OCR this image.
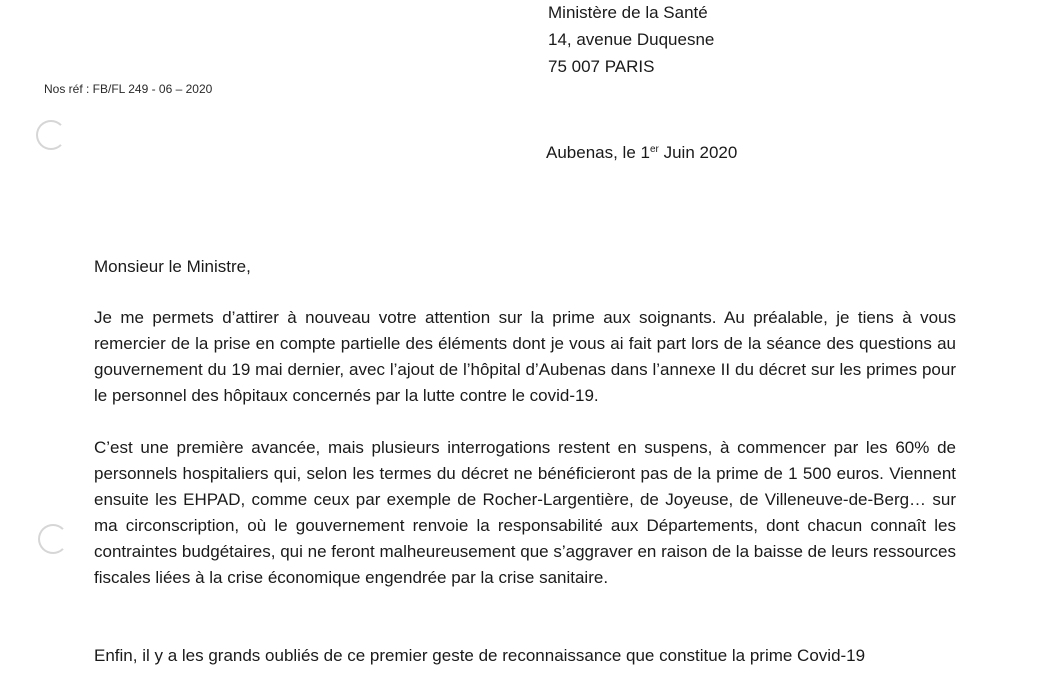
Ministère de la Santé
14, avenue Duquesne
75 007 PARIS
Nos réf : FB/FL 249 - 06 – 2020
Aubenas, le 1er Juin 2020
Monsieur le Ministre,

Je me permets d’attirer à nouveau votre attention sur la prime aux soignants. Au préalable, je tiens à vous remercier de la prise en compte partielle des éléments dont je vous ai fait part lors de la séance des questions au gouvernement du 19 mai dernier, avec l’ajout de l’hôpital d’Aubenas dans l’annexe II du décret sur les primes pour le personnel des hôpitaux concernés par la lutte contre le covid-19.

C’est une première avancée, mais plusieurs interrogations restent en suspens, à commencer par les 60% de personnels hospitaliers qui, selon les termes du décret ne bénéficieront pas de la prime de 1 500 euros. Viennent ensuite les EHPAD, comme ceux par exemple de Rocher-Largentière, de Joyeuse, de Villeneuve-de-Berg… sur ma circonscription, où le gouvernement renvoie la responsabilité aux Départements, dont chacun connaît les contraintes budgétaires, qui ne feront malheureusement que s’aggraver en raison de la baisse de leurs ressources fiscales liées à la crise économique engendrée par la crise sanitaire.

Enfin, il y a les grands oubliés de ce premier geste de reconnaissance que constitue la prime Covid-19
